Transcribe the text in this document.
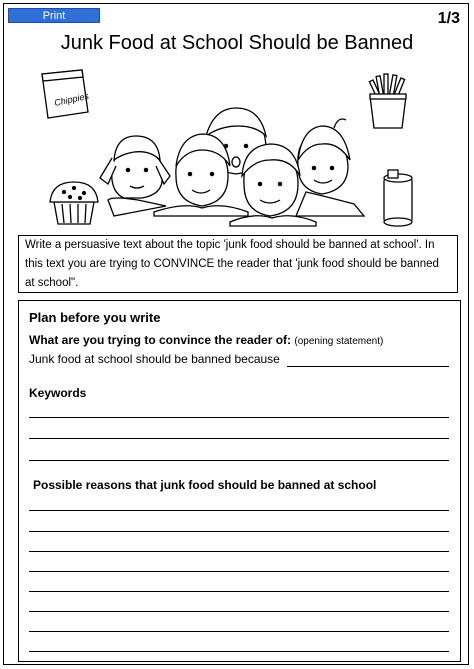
Print	1/3
Junk Food at School Should be Banned
Chippies
Write a persuasive text about the topic 'junk food should be banned at school'. In this text you are trying to CONVINCE the reader that 'junk food should be banned at school".
Plan before you write
What are you trying to convince the reader of: (opening statement)
Junk food at school should be banned because
Keywords
Possible reasons that junk food should be banned at school
